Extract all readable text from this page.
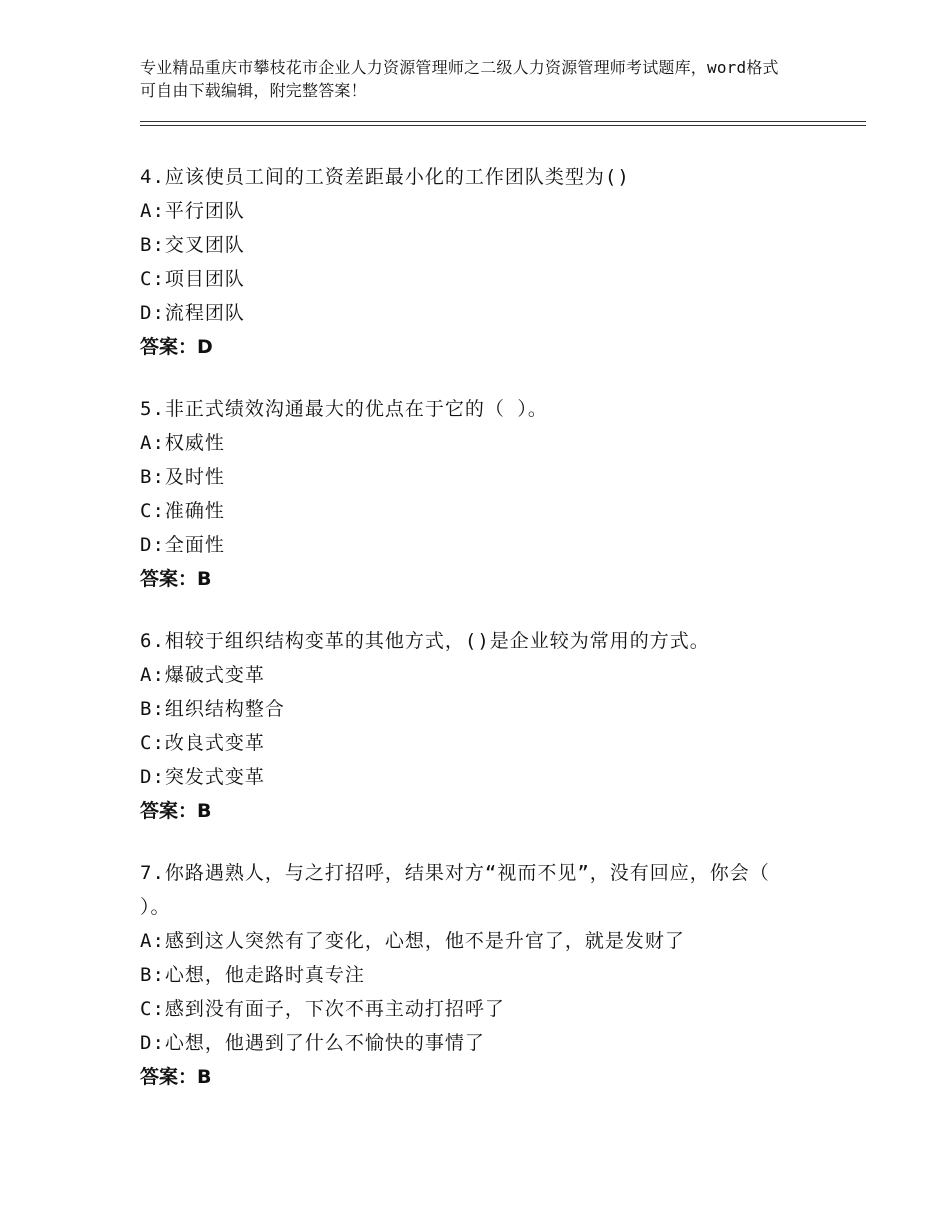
专业精品重庆市攀枝花市企业人力资源管理师之二级人力资源管理师考试题库，word格式可自由下载编辑，附完整答案！
4.应该使员工间的工资差距最小化的工作团队类型为()
A: 平行团队
B: 交叉团队
C: 项目团队
D: 流程团队
答案：D
5.非正式绩效沟通最大的优点在于它的（ ）。
A: 权威性
B: 及时性
C: 准确性
D: 全面性
答案：B
6.相较于组织结构变革的其他方式，()是企业较为常用的方式。
A: 爆破式变革
B: 组织结构整合
C: 改良式变革
D: 突发式变革
答案：B
7.你路遇熟人，与之打招呼，结果对方“视而不见”，没有回应，你会（ ）。
A: 感到这人突然有了变化，心想，他不是升官了，就是发财了
B: 心想，他走路时真专注
C: 感到没有面子，下次不再主动打招呼了
D: 心想，他遇到了什么不愉快的事情了
答案：B
